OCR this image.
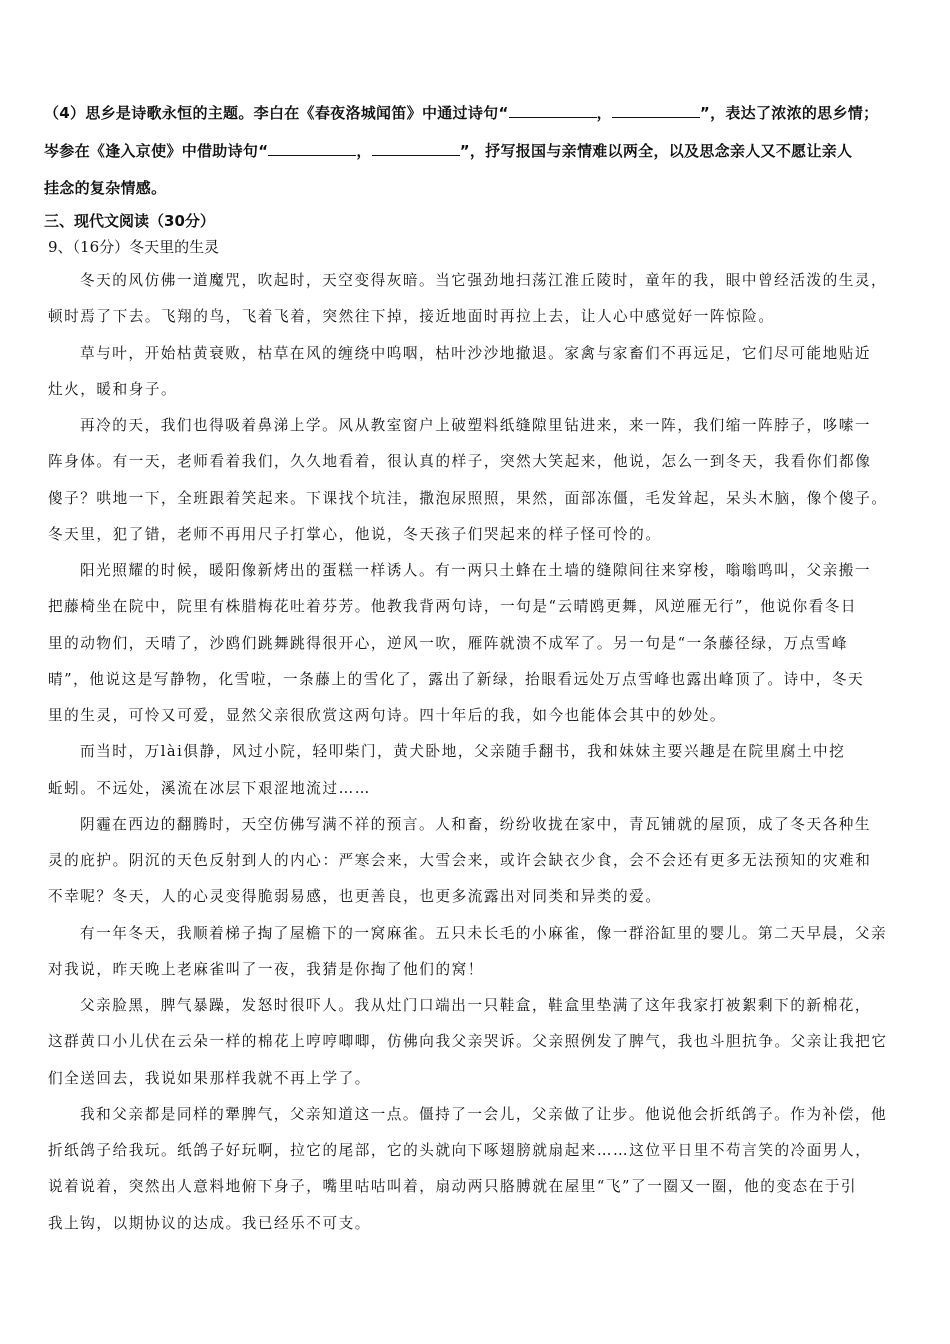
（4）思乡是诗歌永恒的主题。李白在《春夜洛城闻笛》中通过诗句“	，	”，表达了浓浓的思乡情；
岑参在《逢入京使》中借助诗句“	，	”，抒写报国与亲情难以两全，以及思念亲人又不愿让亲人
挂念的复杂情感。
三、现代文阅读（30分）
9、（16分）冬天里的生灵
冬天的风仿佛一道魔咒，吹起时，天空变得灰暗。当它强劲地扫荡江淮丘陵时，童年的我，眼中曾经活泼的生灵，
顿时焉了下去。飞翔的鸟，飞着飞着，突然往下掉，接近地面时再拉上去，让人心中感觉好一阵惊险。
草与叶，开始枯黄衰败，枯草在风的缠绕中呜咽，枯叶沙沙地撤退。家禽与家畜们不再远足，它们尽可能地贴近
灶火，暖和身子。
再冷的天，我们也得吸着鼻涕上学。风从教室窗户上破塑料纸缝隙里钻进来，来一阵，我们缩一阵脖子，哆嗦一
阵身体。有一天，老师看着我们，久久地看着，很认真的样子，突然大笑起来，他说，怎么一到冬天，我看你们都像
傻子？哄地一下，全班跟着笑起来。下课找个坑洼，撒泡尿照照，果然，面部冻僵，毛发耸起，呆头木脑，像个傻子。
冬天里，犯了错，老师不再用尺子打掌心，他说，冬天孩子们哭起来的样子怪可怜的。
阳光照耀的时候，暖阳像新烤出的蛋糕一样诱人。有一两只土蜂在土墙的缝隙间往来穿梭，嗡嗡鸣叫，父亲搬一
把藤椅坐在院中，院里有株腊梅花吐着芬芳。他教我背两句诗，一句是“云晴鸥更舞，风逆雁无行”，他说你看冬日
里的动物们，天晴了，沙鸥们跳舞跳得很开心，逆风一吹，雁阵就溃不成军了。另一句是“一条藤径绿，万点雪峰
晴”，他说这是写静物，化雪啦，一条藤上的雪化了，露出了新绿，抬眼看远处万点雪峰也露出峰顶了。诗中，冬天
里的生灵，可怜又可爱，显然父亲很欣赏这两句诗。四十年后的我，如今也能体会其中的妙处。
而当时，万lài俱静，风过小院，轻叩柴门，黄犬卧地，父亲随手翻书，我和妹妹主要兴趣是在院里腐土中挖
蚯蚓。不远处，溪流在冰层下艰涩地流过……
阴霾在西边的翻腾时，天空仿佛写满不祥的预言。人和畜，纷纷收拢在家中，青瓦铺就的屋顶，成了冬天各种生
灵的庇护。阴沉的天色反射到人的内心：严寒会来，大雪会来，或许会缺衣少食，会不会还有更多无法预知的灾难和
不幸呢？冬天，人的心灵变得脆弱易感，也更善良，也更多流露出对同类和异类的爱。
有一年冬天，我顺着梯子掏了屋檐下的一窝麻雀。五只未长毛的小麻雀，像一群浴缸里的婴儿。第二天早晨，父亲
对我说，昨天晚上老麻雀叫了一夜，我猜是你掏了他们的窝！
父亲脸黑，脾气暴躁，发怒时很吓人。我从灶门口端出一只鞋盒，鞋盒里垫满了这年我家打被絮剩下的新棉花，
这群黄口小儿伏在云朵一样的棉花上哼哼唧唧，仿佛向我父亲哭诉。父亲照例发了脾气，我也斗胆抗争。父亲让我把它
们全送回去，我说如果那样我就不再上学了。
我和父亲都是同样的犟脾气，父亲知道这一点。僵持了一会儿，父亲做了让步。他说他会折纸鸽子。作为补偿，他
折纸鸽子给我玩。纸鸽子好玩啊，拉它的尾部，它的头就向下啄翅膀就扇起来……这位平日里不苟言笑的冷面男人，
说着说着，突然出人意料地俯下身子，嘴里咕咕叫着，扇动两只胳膊就在屋里“飞”了一圈又一圈，他的变态在于引
我上钩，以期协议的达成。我已经乐不可支。
